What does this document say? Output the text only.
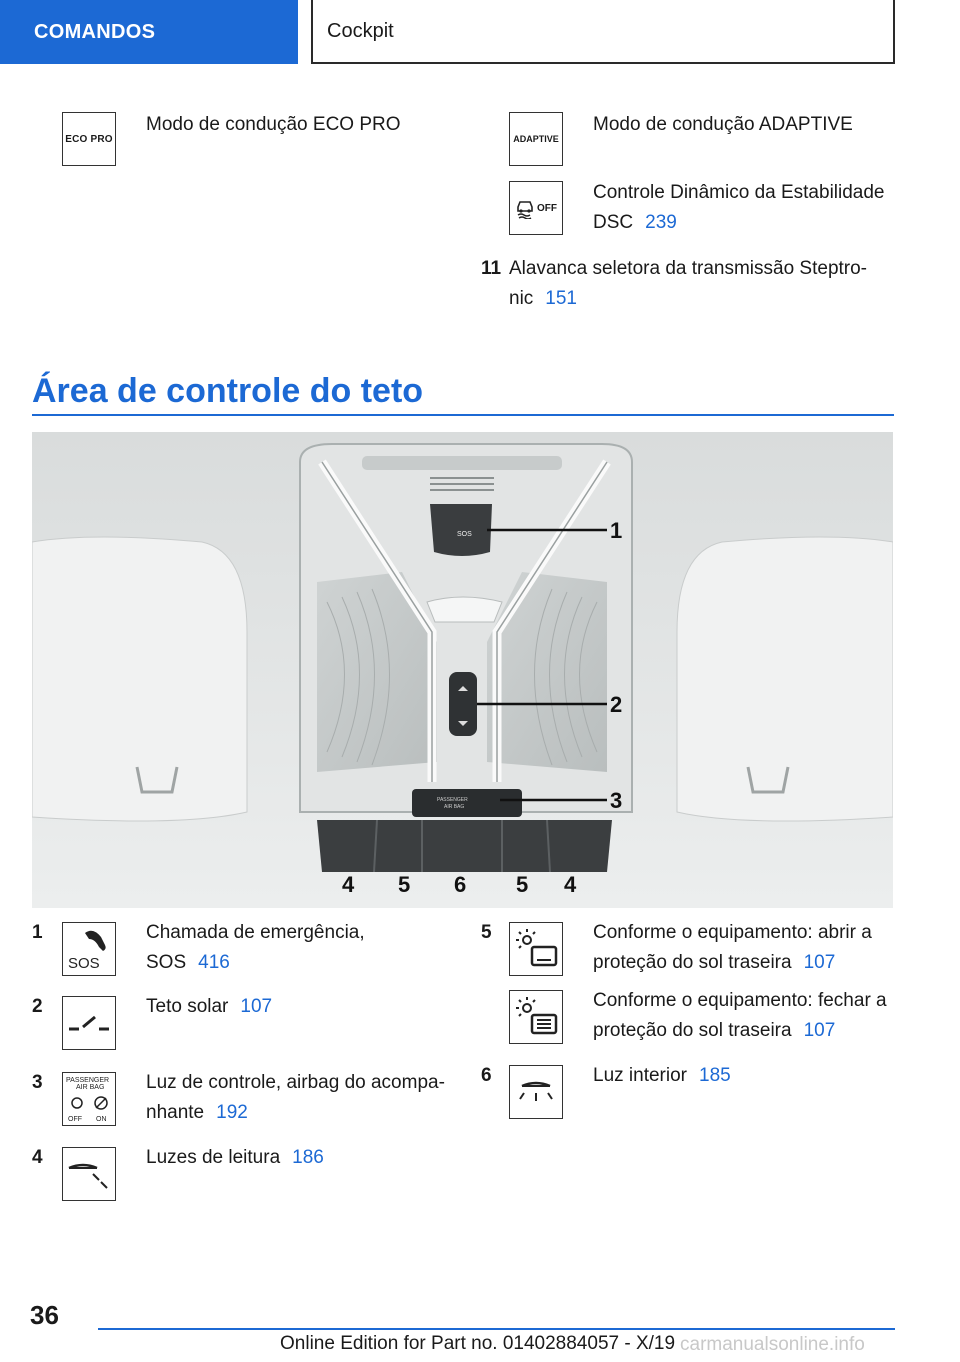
COMANDOS	Cockpit
ECO PRO
Modo de condução ECO PRO
ADAPTIVE
Modo de condução ADAPTIVE
OFF
Controle Dinâmico da Estabilidade
DSC 239
11 Alavanca seletora da transmissão Steptro-
nic 151
Área de controle do teto
SOS
PASSENGER
AIR BAG
1
2
3
4 5 6 5 4
1
SOS
Chamada de emergência,
SOS 416
2	Teto solar 107
3	PASSENGER
AIR BAG
OFF ON
Luz de controle, airbag do acompa-
nhante 192
4	Luzes de leitura 186
5	Conforme o equipamento: abrir a
proteção do sol traseira 107
Conforme o equipamento: fechar a
proteção do sol traseira 107
6	Luz interior 185
36
Online Edition for Part no. 01402884057 - X/19 carmanualsonline.info
